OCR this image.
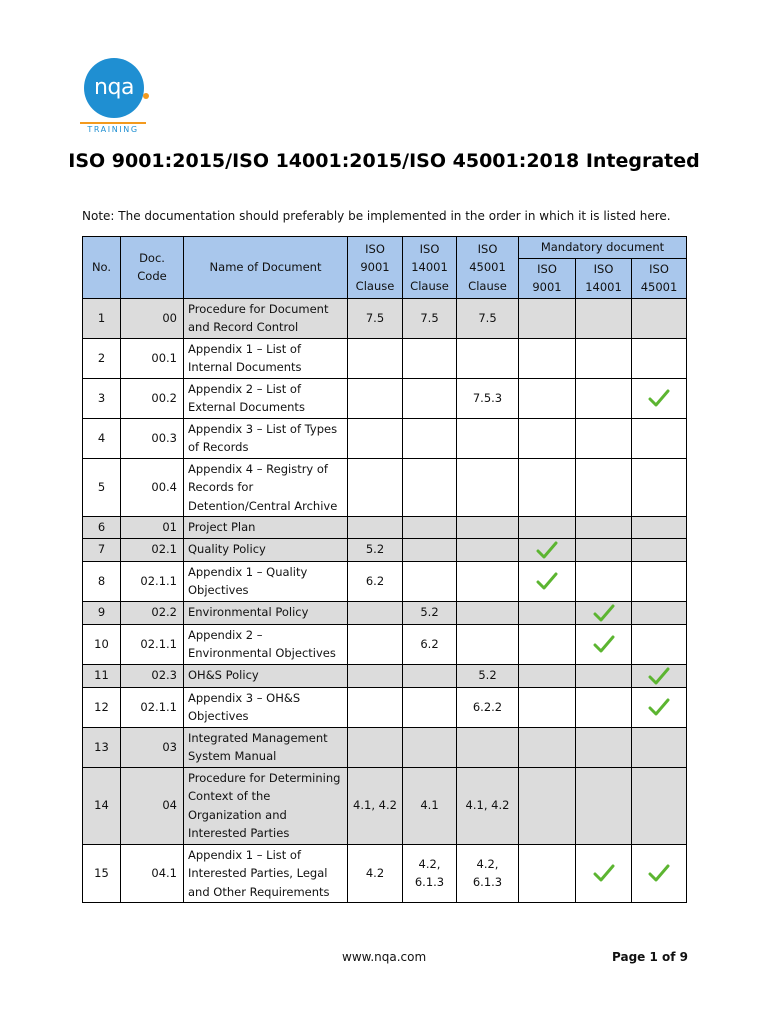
nqa
TRAINING
ISO 9001:2015/ISO 14001:2015/ISO 45001:2018 Integrated
Note: The documentation should preferably be implemented in the order in which it is listed here.
No.	Doc. Code	Name of Document	ISO 9001 Clause	ISO 14001 Clause	ISO 45001 Clause	Mandatory document		
						ISO 9001	ISO 14001	ISO 45001
1	00	Procedure for Document and Record Control	7.5	7.5	7.5			
2	00.1	Appendix 1 – List of Internal Documents						
3	00.2	Appendix 2 – List of External Documents			7.5.3			
4	00.3	Appendix 3 – List of Types of Records						
5	00.4	Appendix 4 – Registry of Records for Detention/Central Archive						
6	01	Project Plan						
7	02.1	Quality Policy	5.2					
8	02.1.1	Appendix 1 – Quality Objectives	6.2					
9	02.2	Environmental Policy		5.2				
10	02.1.1	Appendix 2 – Environmental Objectives		6.2				
11	02.3	OH&S Policy			5.2			
12	02.1.1	Appendix 3 – OH&S Objectives			6.2.2			
13	03	Integrated Management System Manual						
14	04	Procedure for Determining Context of the Organization and Interested Parties	4.1, 4.2	4.1	4.1, 4.2			
15	04.1	Appendix 1 – List of Interested Parties, Legal and Other Requirements	4.2	4.2, 6.1.3	4.2, 6.1.3			
www.nqa.com	Page 1 of 9
